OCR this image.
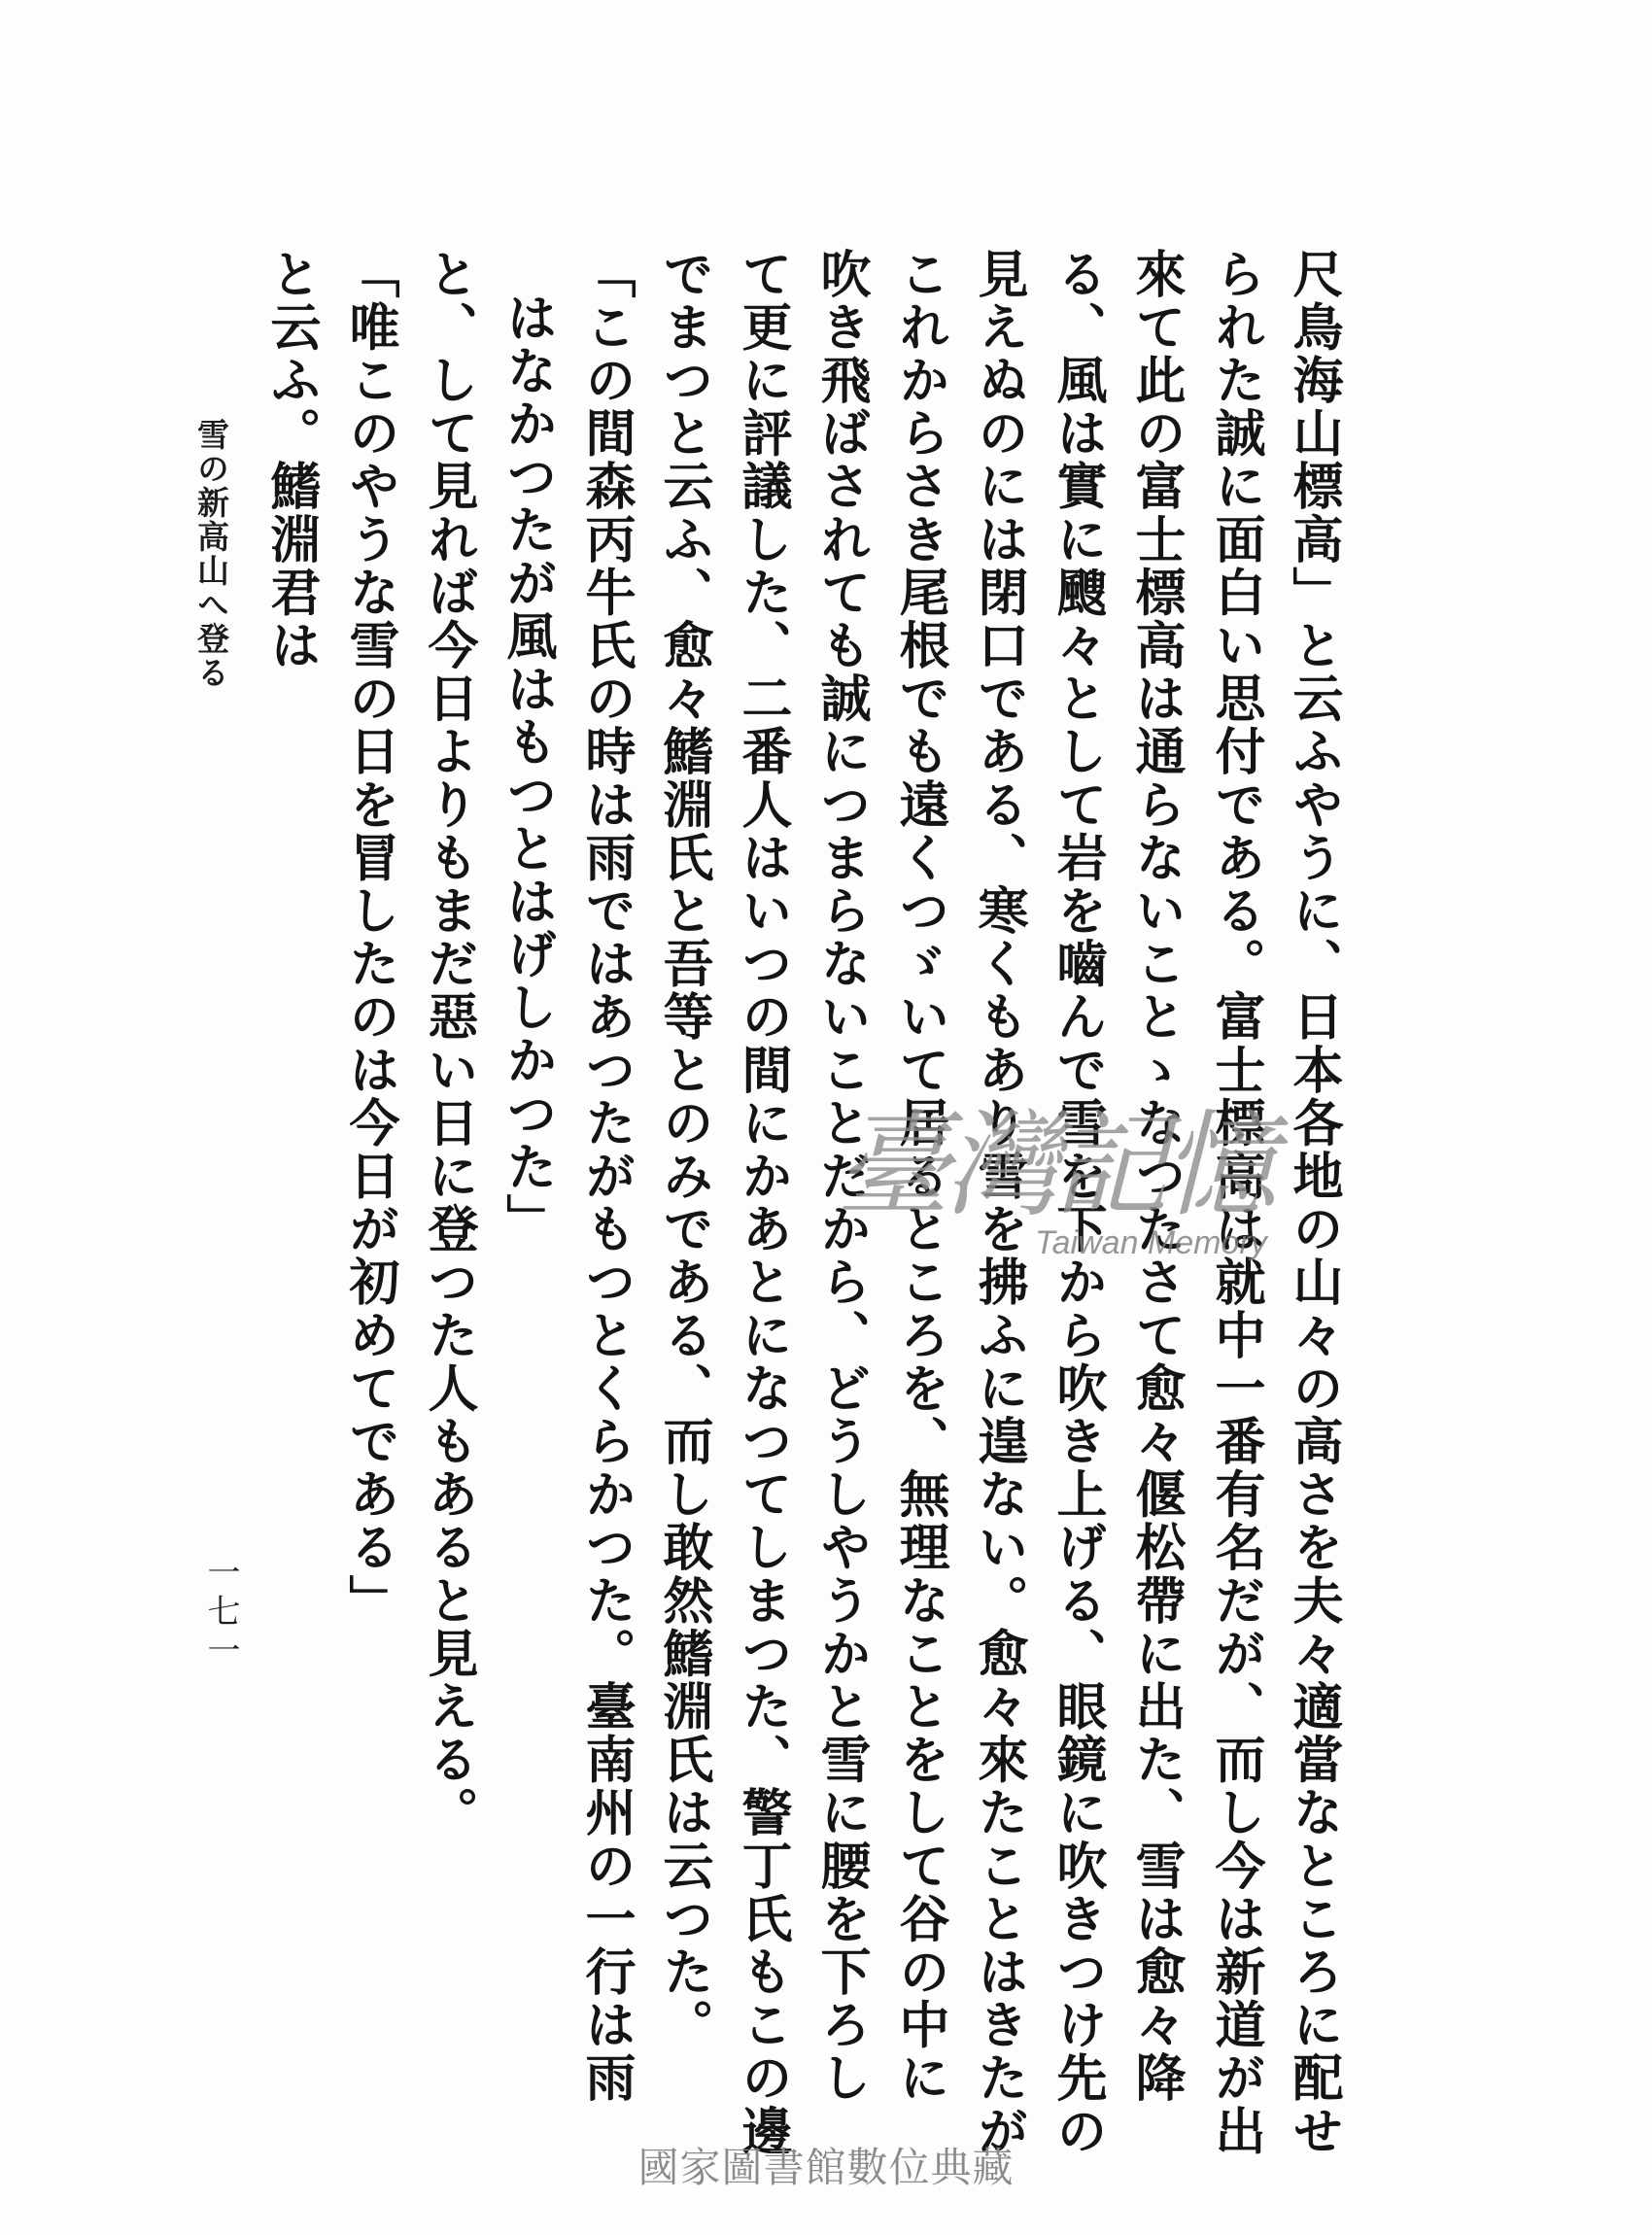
尺鳥海山標高」と云ふやうに、日本各地の山々の高さを夫々適當なところに配せ
られた誠に面白い思付である。富士標高は就中一番有名だが、而し今は新道が出
來て此の富士標高は通らないことゝなつたさて愈々偃松帶に出た、雪は愈々降
る、風は實に颼々として岩を嚙んで雪を下から吹き上げる、眼鏡に吹きつけ先の
見えぬのには閉口である、寒くもあり雪を拂ふに遑ない。愈々來たことはきたが
これからさき尾根でも遠くつゞいて居るところを、無理なことをして谷の中に
吹き飛ばされても誠につまらないことだから、どうしやうかと雪に腰を下ろし
て更に評議した、二番人はいつの間にかあとになつてしまつた、警丁氏もこの邊
でまつと云ふ、愈々鰭淵氏と吾等とのみである、而し敢然鰭淵氏は云つた。
「この間森丙牛氏の時は雨ではあつたがもつとくらかつた。臺南州の一行は雨
はなかつたが風はもつとはげしかつた」
と、して見れば今日よりもまだ惡い日に登つた人もあると見える。
「唯このやうな雪の日を冒したのは今日が初めてである」
と云ふ。鰭淵君は
雪の新高山へ登る
一七一
臺灣記憶
Taiwan Memory
國家圖書館數位典藏
